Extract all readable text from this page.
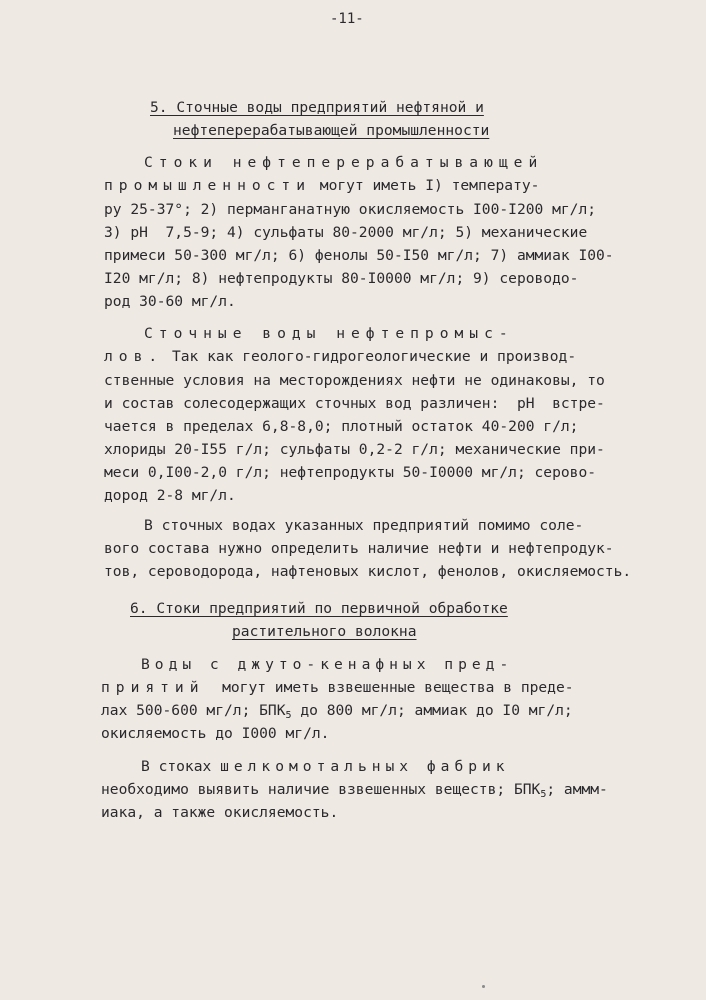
-11-
5. Сточные воды предприятий нефтяной и
нефтеперерабатывающей промышленности
Стоки нефтеперерабатывающей
промышленности могут иметь I) температу-
ру 25-37°; 2) перманганатную окисляемость I00-I200 мг/л;
3) pH  7,5-9; 4) сульфаты 80-2000 мг/л; 5) механические
примеси 50-300 мг/л; 6) фенолы 50-I50 мг/л; 7) аммиак I00-
I20 мг/л; 8) нефтепродукты 80-I0000 мг/л; 9) сероводо-
род 30-60 мг/л.
Сточные воды нефтепромыс-
лов. Так как геолого-гидрогеологические и производ-
ственные условия на месторождениях нефти не одинаковы, то
и состав солесодержащих сточных вод различен:  pH  встре-
чается в пределах 6,8-8,0; плотный остаток 40-200 г/л;
хлориды 20-I55 г/л; сульфаты 0,2-2 г/л; механические при-
меси 0,I00-2,0 г/л; нефтепродукты 50-I0000 мг/л; серово-
дород 2-8 мг/л.
В сточных водах указанных предприятий помимо соле-
вого состава нужно определить наличие нефти и нефтепродук-
тов, сероводорода, нафтеновых кислот, фенолов, окисляемость.
6. Стоки предприятий по первичной обработке
растительного волокна
Воды с джуто-кенафных пред-
приятий  могут иметь взвешенные вещества в преде-
лах 500-600 мг/л; $БПК_5$ до 800 мг/л; аммиак до I0 мг/л;
окисляемость до I000 мг/л.
В стоках шелкомотальных фабрик
необходимо выявить наличие взвешенных веществ; $БПК_5$; аммм-
иака, а также окисляемость.
